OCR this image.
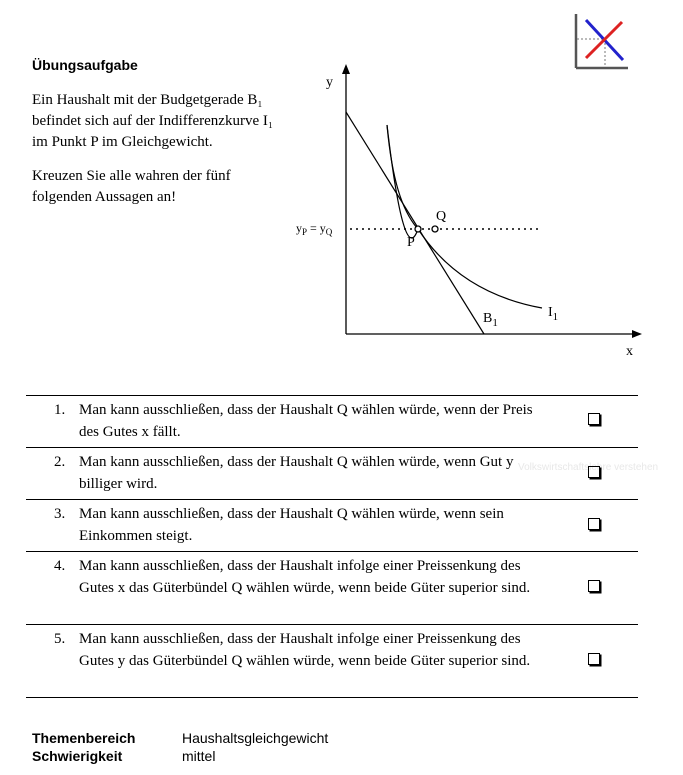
Übungsaufgabe
Ein Haushalt mit der Budgetgerade B₁ befindet sich auf der Indifferenzkurve I₁ im Punkt P im Gleichgewicht.
Kreuzen Sie alle wahren der fünf folgenden Aussagen an!
y
x
P
Q
$y_P = y_Q$
$B_1$
$I_1$
Volkswirtschaftslehre verstehen
1. Man kann ausschließen, dass der Haushalt Q wählen würde, wenn der Preis des Gutes x fällt.
2. Man kann ausschließen, dass der Haushalt Q wählen würde, wenn Gut y billiger wird.
3. Man kann ausschließen, dass der Haushalt Q wählen würde, wenn sein Einkommen steigt.
4. Man kann ausschließen, dass der Haushalt infolge einer Preissenkung des Gutes x das Güterbündel Q wählen würde, wenn beide Güter superior sind.
5. Man kann ausschließen, dass der Haushalt infolge einer Preissenkung des Gutes y das Güterbündel Q wählen würde, wenn beide Güter superior sind.
Themenbereich	Haushaltsgleichgewicht
Schwierigkeit	mittel
